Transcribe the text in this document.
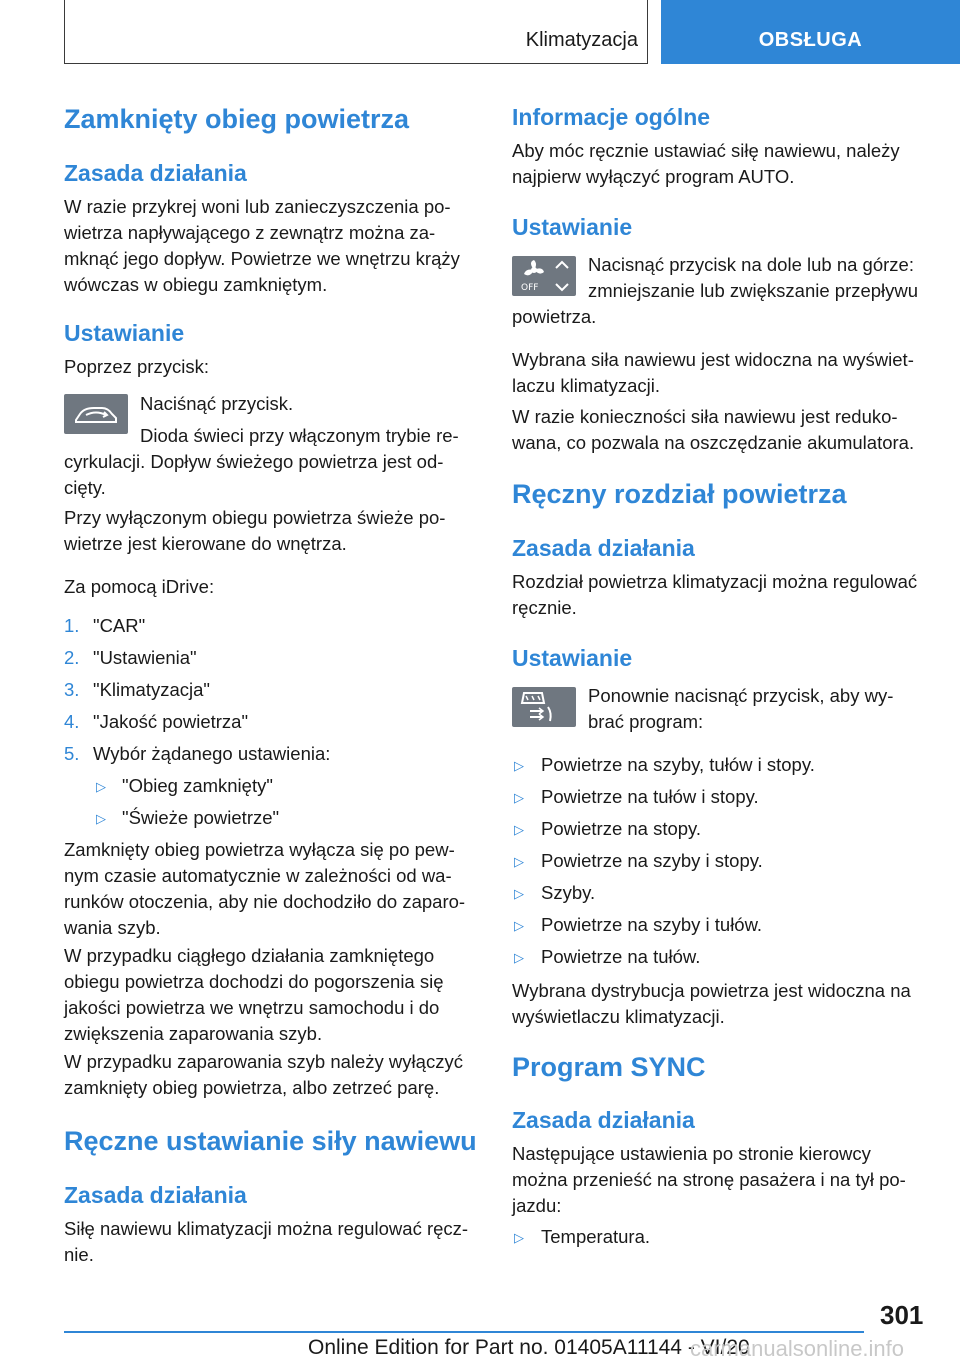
Klimatyzacja	OBSŁUGA
Zamknięty obieg powietrza
Zasada działania
W razie przykrej woni lub zanieczyszczenia po-
wietrza napływającego z zewnątrz można za-
mknąć jego dopływ. Powietrze we wnętrzu krąży
wówczas w obiegu zamkniętym.
Ustawianie
Poprzez przycisk:
Naciśnąć przycisk.
Dioda świeci przy włączonym trybie re-
cyrkulacji. Dopływ świeżego powietrza jest od-
cięty.
Przy wyłączonym obiegu powietrza świeże po-
wietrze jest kierowane do wnętrza.
Za pomocą iDrive:
1. "CAR"
2. "Ustawienia"
3. "Klimatyzacja"
4. "Jakość powietrza"
5. Wybór żądanego ustawienia:
▷ "Obieg zamknięty"
▷ "Świeże powietrze"
Zamknięty obieg powietrza wyłącza się po pew-
nym czasie automatycznie w zależności od wa-
runków otoczenia, aby nie dochodziło do zaparo-
wania szyb.
W przypadku ciągłego działania zamkniętego
obiegu powietrza dochodzi do pogorszenia się
jakości powietrza we wnętrzu samochodu i do
zwiększenia zaparowania szyb.
W przypadku zaparowania szyb należy wyłączyć
zamknięty obieg powietrza, albo zetrzeć parę.
Ręczne ustawianie siły nawiewu
Zasada działania
Siłę nawiewu klimatyzacji można regulować ręcz-
nie.
Informacje ogólne
Aby móc ręcznie ustawiać siłę nawiewu, należy
najpierw wyłączyć program AUTO.
Ustawianie
OFF
Nacisnąć przycisk na dole lub na górze:
zmniejszanie lub zwiększanie przepływu
powietrza.
Wybrana siła nawiewu jest widoczna na wyświet-
laczu klimatyzacji.
W razie konieczności siła nawiewu jest reduko-
wana, co pozwala na oszczędzanie akumulatora.
Ręczny rozdział powietrza
Zasada działania
Rozdział powietrza klimatyzacji można regulować
ręcznie.
Ustawianie
Ponownie nacisnąć przycisk, aby wy-
brać program:
▷ Powietrze na szyby, tułów i stopy.
▷ Powietrze na tułów i stopy.
▷ Powietrze na stopy.
▷ Powietrze na szyby i stopy.
▷ Szyby.
▷ Powietrze na szyby i tułów.
▷ Powietrze na tułów.
Wybrana dystrybucja powietrza jest widoczna na
wyświetlaczu klimatyzacji.
Program SYNC
Zasada działania
Następujące ustawienia po stronie kierowcy
można przenieść na stronę pasażera i na tył po-
jazdu:
▷ Temperatura.
301
Online Edition for Part no. 01405A11144 - VI/20
carmanualsonline.info
